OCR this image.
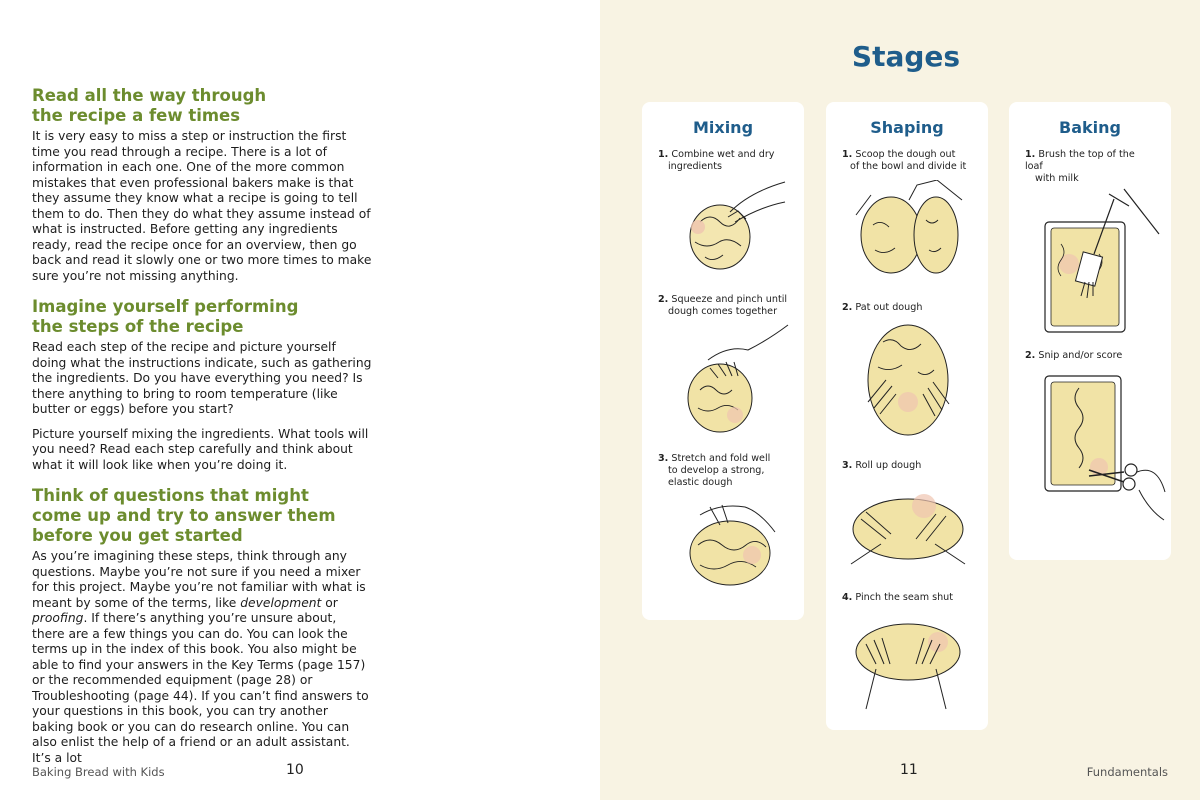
Read all the way through
the recipe a few times

It is very easy to miss a step or instruction the first time you read through a recipe. There is a lot of information in each one. One of the more common mistakes that even professional bakers make is that they assume they know what a recipe is going to tell them to do. Then they do what they assume instead of what is instructed. Before getting any ingredients ready, read the recipe once for an overview, then go back and read it slowly one or two more times to make sure you’re not missing anything.

Imagine yourself performing
the steps of the recipe

Read each step of the recipe and picture yourself doing what the instructions indicate, such as gathering the ingredients. Do you have everything you need? Is there anything to bring to room temperature (like butter or eggs) before you start?

Picture yourself mixing the ingredients. What tools will you need? Read each step carefully and think about what it will look like when you’re doing it.

Think of questions that might
come up and try to answer them
before you get started

As you’re imagining these steps, think through any questions. Maybe you’re not sure if you need a mixer for this project. Maybe you’re not familiar with what is meant by some of the terms, like development or proofing. If there’s anything you’re unsure about, there are a few things you can do. You can look the terms up in the index of this book. You also might be able to find your answers in the Key Terms (page 157) or the recommended equipment (page 28) or Troubleshooting (page 44). If you can’t find answers to your questions in this book, you can try another baking book or you can do research online. You can also enlist the help of a friend or an adult assistant. It’s a lot

Baking Bread with Kids	10
Stages
Mixing
1. Combine wet and dry
ingredients
2. Squeeze and pinch until
dough comes together
3. Stretch and fold well
to develop a strong,
elastic dough
Shaping
1. Scoop the dough out
of the bowl and divide it
2. Pat out dough
3. Roll up dough
4. Pinch the seam shut
Baking
1. Brush the top of the loaf
with milk
2. Snip and/or score
11	Fundamentals
